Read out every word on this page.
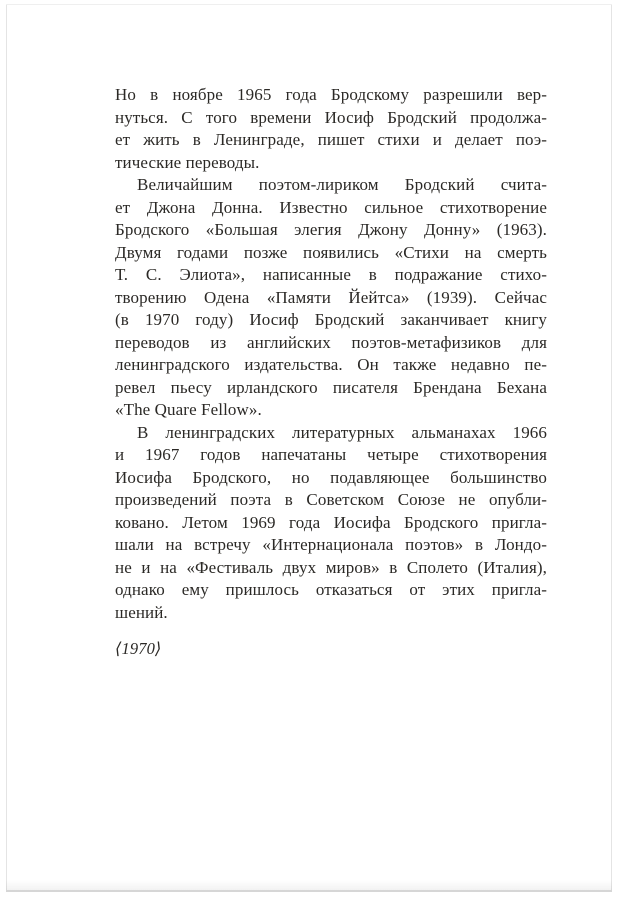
Но в ноябре 1965 года Бродскому разрешили вер-
нуться. С того времени Иосиф Бродский продолжа-
ет жить в Ленинграде, пишет стихи и делает поэ-
тические переводы.
Величайшим поэтом-лириком Бродский счита-
ет Джона Донна. Известно сильное стихотворение
Бродского «Большая элегия Джону Донну» (1963).
Двумя годами позже появились «Стихи на смерть
Т. С. Элиота», написанные в подражание стихо-
творению Одена «Памяти Йейтса» (1939). Сейчас
(в 1970 году) Иосиф Бродский заканчивает книгу
переводов из английских поэтов-метафизиков для
ленинградского издательства. Он также недавно пе-
ревел пьесу ирландского писателя Брендана Бехана
«The Quare Fellow».
В ленинградских литературных альманахах 1966
и 1967 годов напечатаны четыре стихотворения
Иосифа Бродского, но подавляющее большинство
произведений поэта в Советском Союзе не опубли-
ковано. Летом 1969 года Иосифа Бродского пригла-
шали на встречу «Интернационала поэтов» в Лондо-
не и на «Фестиваль двух миров» в Сполето (Италия),
однако ему пришлось отказаться от этих пригла-
шений.
⟨1970⟩
